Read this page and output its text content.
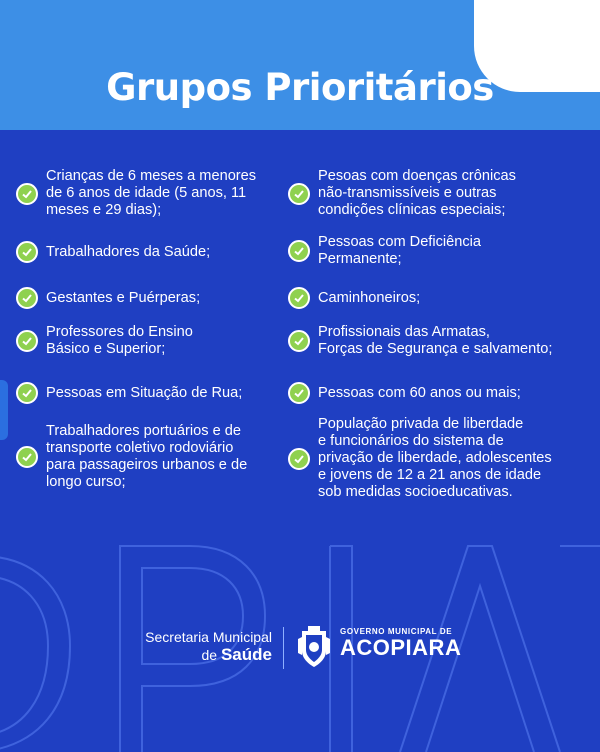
Grupos Prioritários
Crianças de 6 meses a menores
de 6 anos de idade (5 anos, 11
meses e 29 dias);
Trabalhadores da Saúde;
Gestantes e Puérperas;
Professores do Ensino
Básico e Superior;
Pessoas em Situação de Rua;
Trabalhadores portuários e de
transporte coletivo rodoviário
para passageiros urbanos e de
longo curso;
Pesoas com doenças crônicas
não-transmissíveis e outras
condições clínicas especiais;
Pessoas com Deficiência
Permanente;
Caminhoneiros;
Profissionais das Armatas,
Forças de Segurança e salvamento;
Pessoas com 60 anos ou mais;
População privada de liberdade
e funcionários do sistema de
privação de liberdade, adolescentes
e jovens de 12 a 21 anos de idade
sob medidas socioeducativas.
Secretaria Municipal
de Saúde
GOVERNO MUNICIPAL DE
ACOPIARA
